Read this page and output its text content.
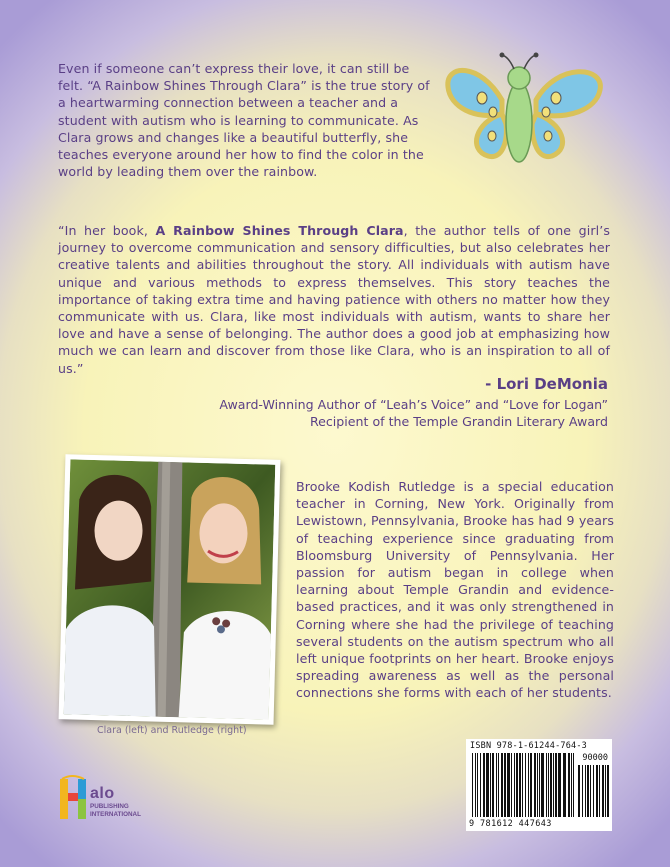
Even if someone can’t express their love, it can still be felt. “A Rainbow Shines Through Clara” is the true story of a heartwarming connection between a teacher and a student with autism who is learning to communicate. As Clara grows and changes like a beautiful butterfly, she teaches everyone around her how to find the color in the world by leading them over the rainbow.
“In her book, A Rainbow Shines Through Clara, the author tells of one girl’s journey to overcome communication and sensory difficulties, but also celebrates her creative talents and abilities throughout the story. All individuals with autism have unique and various methods to express themselves. This story teaches the importance of taking extra time and having patience with others no matter how they communicate with us. Clara, like most individuals with autism, wants to share her love and have a sense of belonging. The author does a good job at emphasizing how much we can learn and discover from those like Clara, who is an inspiration to all of us.”
- Lori DeMonia
Award-Winning Author of “Leah’s Voice” and “Love for Logan”
Recipient of the Temple Grandin Literary Award
Clara (left) and Rutledge (right)
Brooke Kodish Rutledge is a special education teacher in Corning, New York. Originally from Lewistown, Pennsylvania, Brooke has had 9 years of teaching experience since graduating from Bloomsburg University of Pennsylvania. Her passion for autism began in college when learning about Temple Grandin and evidence-based practices, and it was only strengthened in Corning where she had the privilege of teaching several students on the autism spectrum who all left unique footprints on her heart. Brooke enjoys spreading awareness as well as the personal connections she forms with each of her students.
ISBN 978-1-61244-764-3
90000
9 781612 447643
alo
PUBLISHING
INTERNATIONAL
